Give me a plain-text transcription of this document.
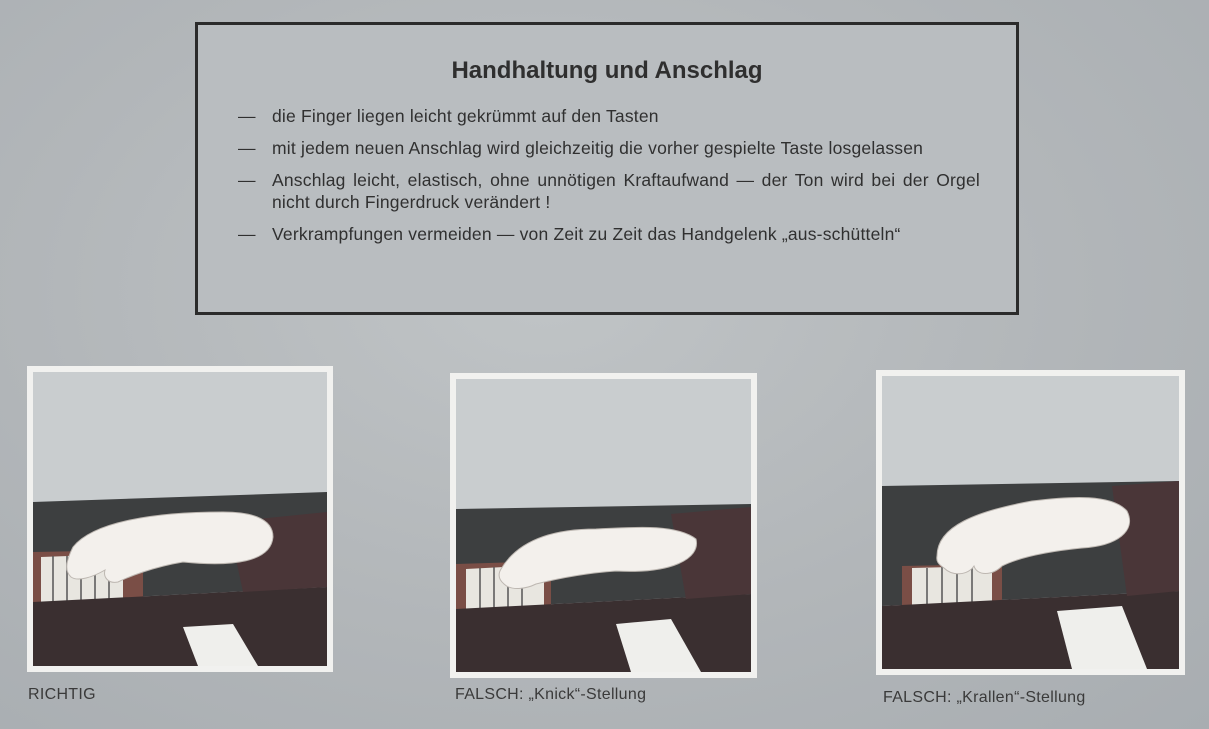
Handhaltung und Anschlag
— die Finger liegen leicht gekrümmt auf den Tasten
— mit jedem neuen Anschlag wird gleichzeitig die vorher gespielte Taste losgelassen
— Anschlag leicht, elastisch, ohne unnötigen Kraftaufwand — der Ton wird bei der Orgel nicht durch Fingerdruck verändert !
— Verkrampfungen vermeiden — von Zeit zu Zeit das Handgelenk „aus-schütteln“
RICHTIG	FALSCH: „Knick“-Stellung	FALSCH: „Krallen“-Stellung
